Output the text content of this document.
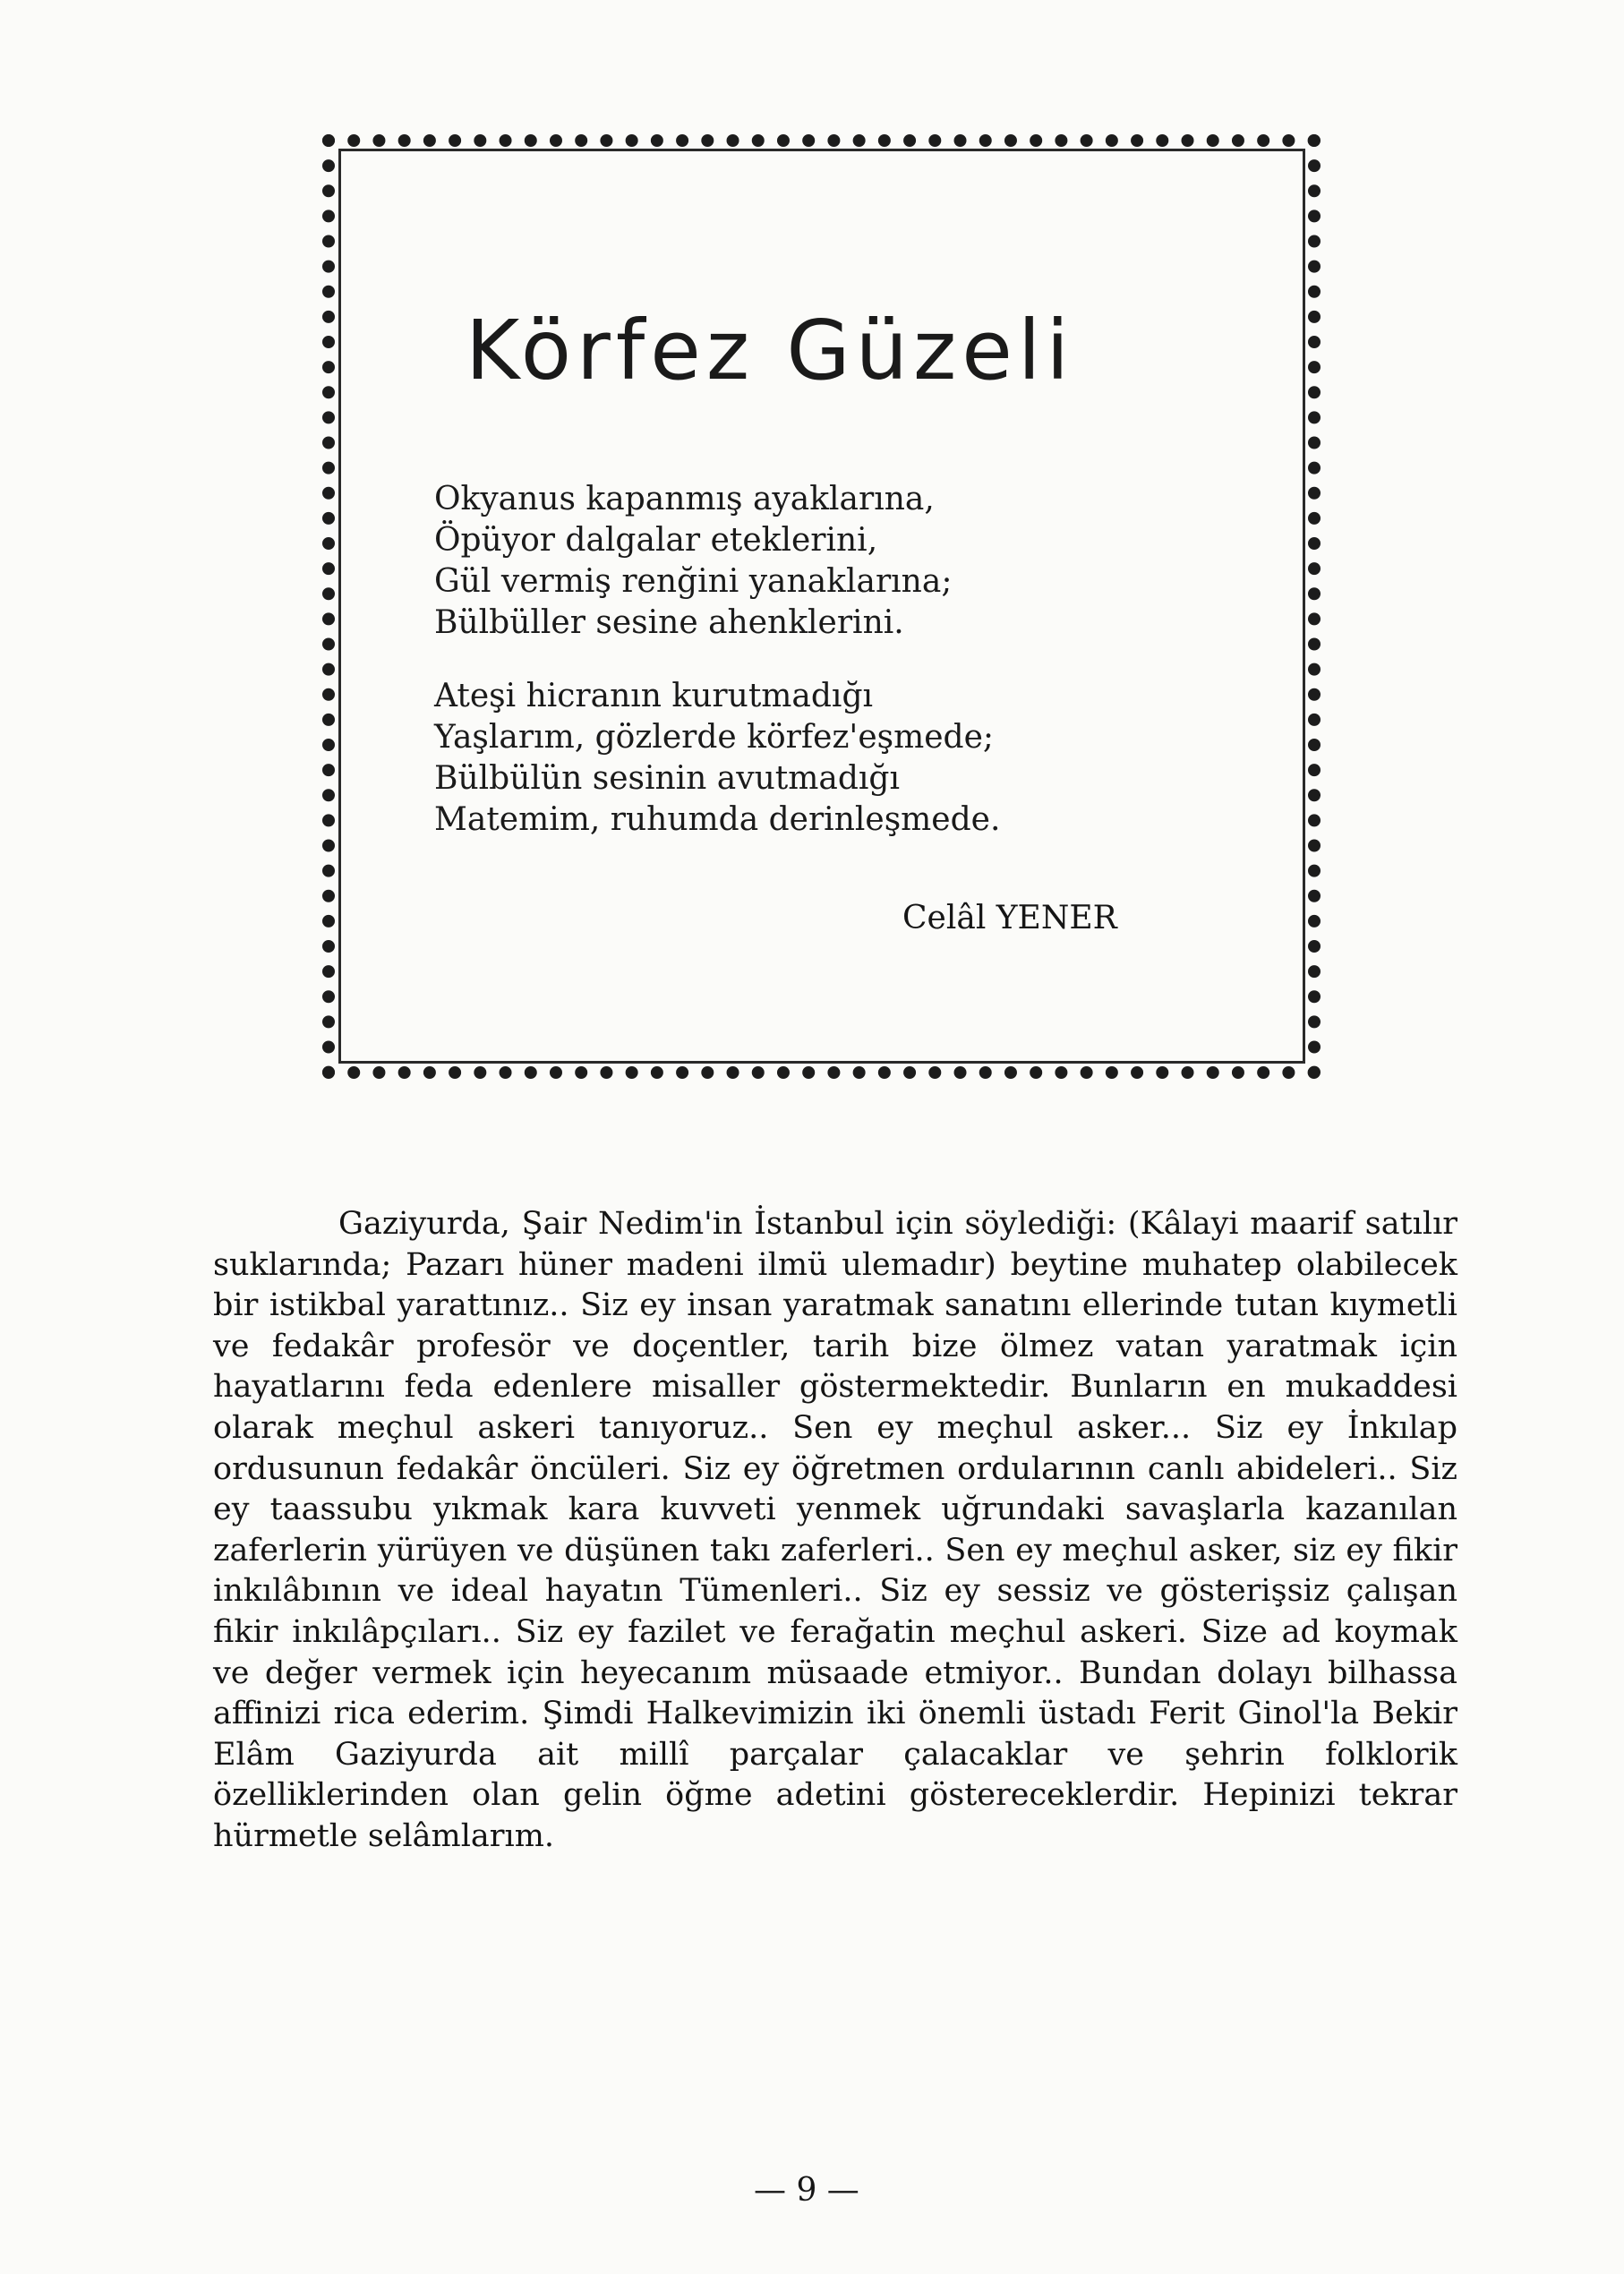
Körfez Güzeli
Okyanus kapanmış ayaklarına,
Öpüyor dalgalar eteklerini,
Gül vermiş renğini yanaklarına;
Bülbüller sesine ahenklerini.
Ateşi hicranın kurutmadığı
Yaşlarım, gözlerde körfez'eşmede;
Bülbülün sesinin avutmadığı
Matemim, ruhumda derinleşmede.
Celâl YENER
Gaziyurda, Şair Nedim'in İstanbul için söylediği: (Kâlayi maarif satılır suklarında; Pazarı hüner madeni ilmü ulemadır) beytine muhatep olabilecek bir istikbal yarattınız.. Siz ey insan yaratmak sanatını ellerinde tutan kıymetli ve fedakâr profesör ve doçentler, tarih bize ölmez vatan yaratmak için hayatlarını feda edenlere misaller göstermektedir. Bunların en mukaddesi olarak meçhul askeri tanıyoruz.. Sen ey meçhul asker... Siz ey İnkılap ordusunun fedakâr öncüleri. Siz ey öğretmen ordularının canlı abideleri.. Siz ey taassubu yıkmak kara kuvveti yenmek uğrundaki savaşlarla kazanılan zaferlerin yürüyen ve düşünen takı zaferleri.. Sen ey meçhul asker, siz ey fikir inkılâbının ve ideal hayatın Tümenleri.. Siz ey sessiz ve gösterişsiz çalışan fikir inkılâpçıları.. Siz ey fazilet ve ferağatin meçhul askeri. Size ad koymak ve değer vermek için heyecanım müsaade etmiyor.. Bundan dolayı bilhassa affinizi rica ederim. Şimdi Halkevimizin iki önemli üstadı Ferit Ginol'la Bekir Elâm Gaziyurda ait millî parçalar çalacaklar ve şehrin folklorik özelliklerinden olan gelin öğme adetini göstereceklerdir. Hepinizi tekrar hürmetle selâmlarım.
— 9 —
